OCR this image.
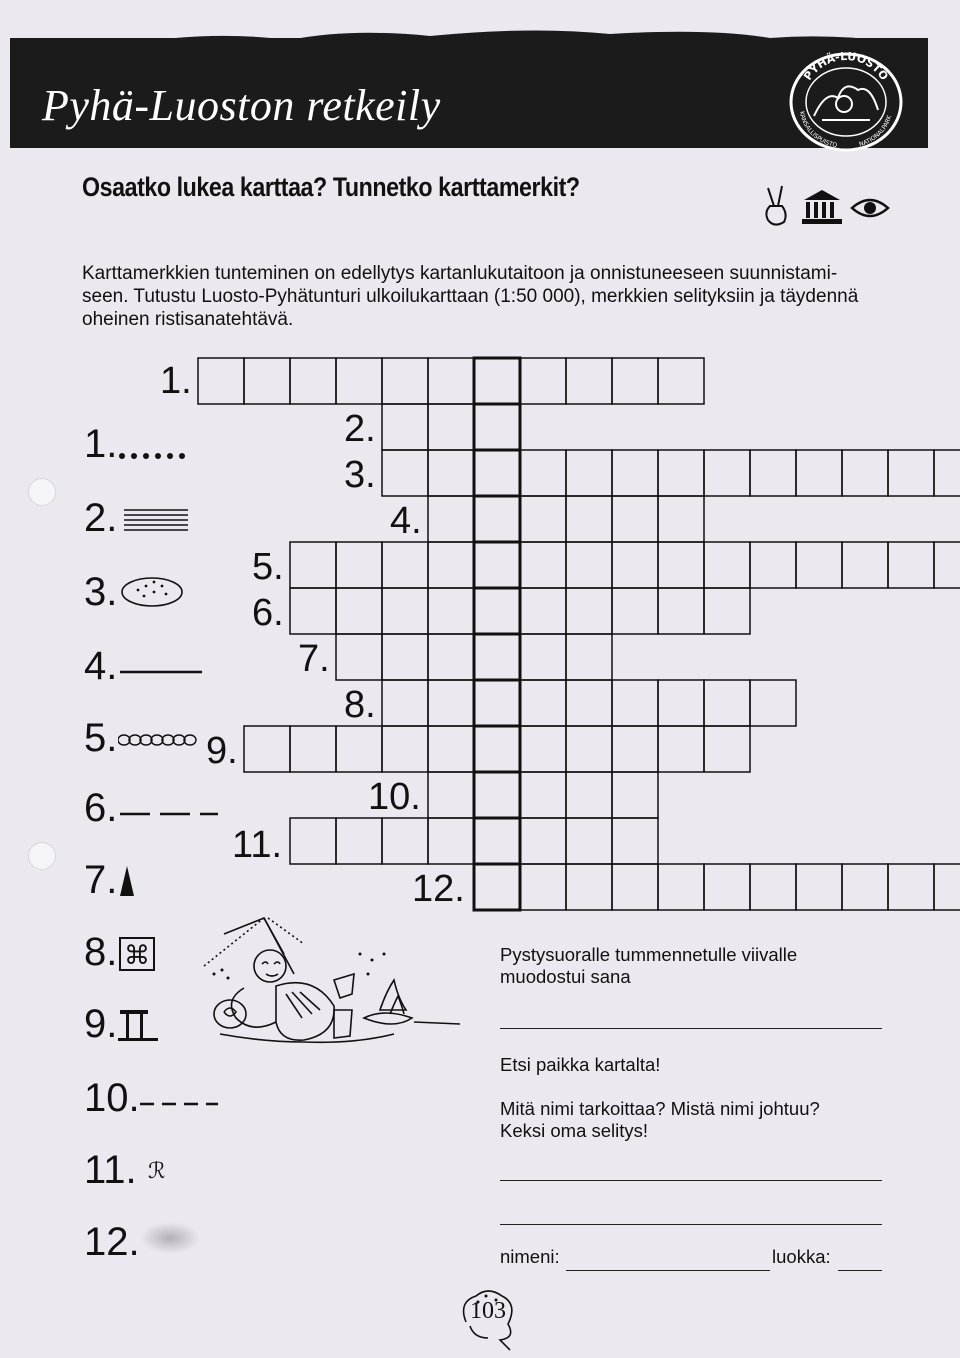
Pyhä-Luoston retkeily
PYHÄ-LUOSTO
KANSALLISPUISTO	NATIONALPARK
Osaatko lukea karttaa? Tunnetko karttamerkit?

Karttamerkkien tunteminen on edellytys kartanlukutaitoon ja onnistuneeseen suunnistami-

seen. Tutustu Luosto-Pyhätunturi ulkoilukarttaan (1:50 000), merkkien selityksiin ja täydennä

oheinen ristisanatehtävä.

1.
2.
3.
4.
5.
6.
7.
8.
9.
10.
11.
12.
1.
2.
3.
4.
5.
6.
7.
8.
9.
10.
11.
12.
⌘
ℛ
Pystysuoralle tummennetulle viivalle
muodostui sana
Etsi paikka kartalta!
Mitä nimi tarkoittaa? Mistä nimi johtuu?
Keksi oma selitys!
nimeni:	luokka:
103
